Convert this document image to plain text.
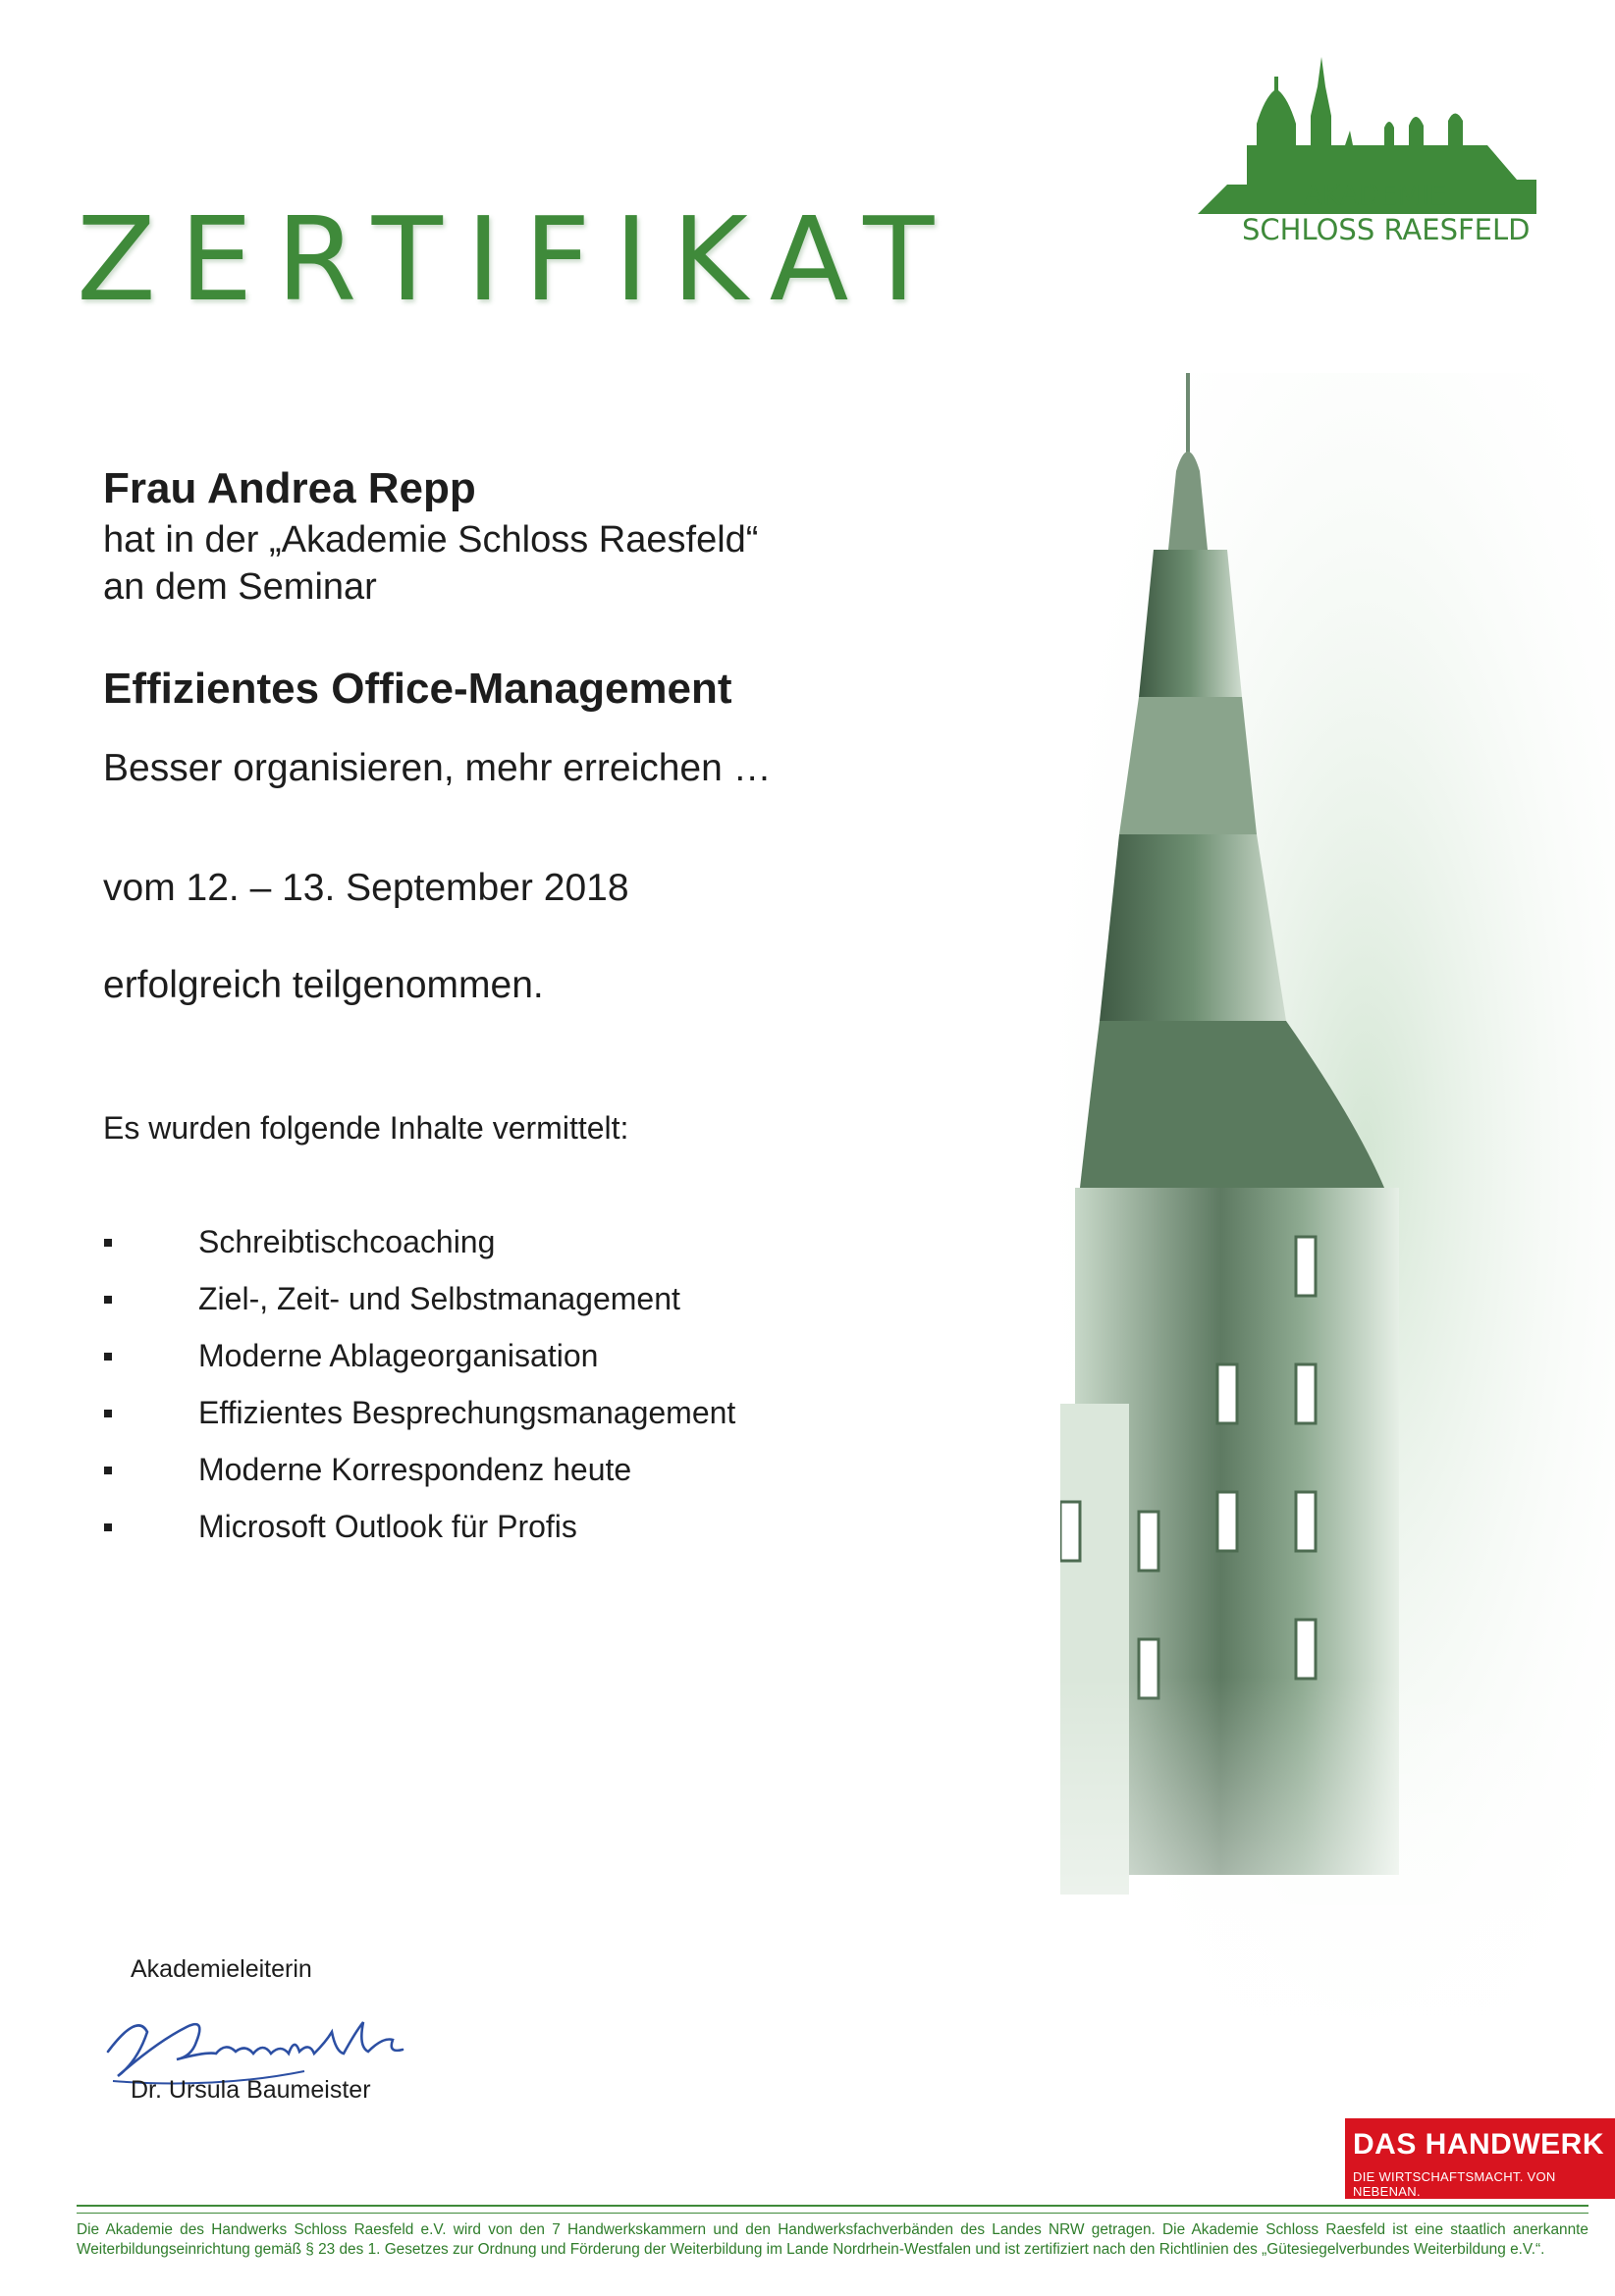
AKADEMIE
SCHLOSS RAESFELD
ZERTIFIKAT
Frau Andrea Repp
hat in der „Akademie Schloss Raesfeld“
an dem Seminar
Effizientes Office-Management
Besser organisieren, mehr erreichen …
vom 12. – 13. September 2018
erfolgreich teilgenommen.
Es wurden folgende Inhalte vermittelt:
Schreibtischcoaching
Ziel-, Zeit- und Selbstmanagement
Moderne Ablageorganisation
Effizientes Besprechungsmanagement
Moderne Korrespondenz heute
Microsoft Outlook für Profis
Akademieleiterin
Dr. Ursula Baumeister
DAS HANDWERK
DIE WIRTSCHAFTSMACHT. VON NEBENAN.
Die Akademie des Handwerks Schloss Raesfeld e.V. wird von den 7 Handwerkskammern und den Handwerksfachverbänden des Landes NRW getragen. Die Akademie Schloss Raesfeld ist eine staatlich anerkannte Weiterbildungseinrichtung gemäß § 23 des 1. Gesetzes zur Ordnung und Förderung der Weiterbildung im Lande Nordrhein-Westfalen und ist zertifiziert nach den Richtlinien des „Gütesiegelverbundes Weiterbildung e.V.“.
